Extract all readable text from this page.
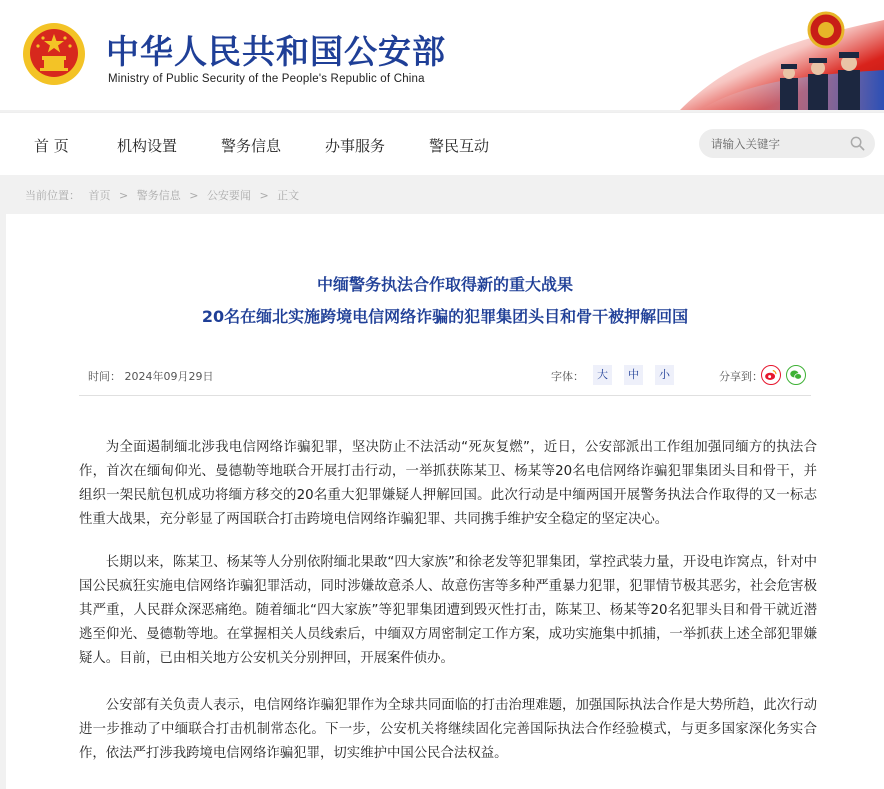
中华人民共和国公安部
Ministry of Public Security of the People's Republic of China
首 页	机构设置	警务信息	办事服务	警民互动	请输入关键字
当前位置： 首页 > 警务信息 > 公安要闻 > 正文
中缅警务执法合作取得新的重大战果
20名在缅北实施跨境电信网络诈骗的犯罪集团头目和骨干被押解回国
时间： 2024年09月29日	字体：	大	中	小	分享到：

为全面遏制缅北涉我电信网络诈骗犯罪，坚决防止不法活动“死灰复燃”，近日，公安部派出工作组加强同缅方的执法合作，首次在缅甸仰光、曼德勒等地联合开展打击行动，一举抓获陈某卫、杨某等20名电信网络诈骗犯罪集团头目和骨干，并组织一架民航包机成功将缅方移交的20名重大犯罪嫌疑人押解回国。此次行动是中缅两国开展警务执法合作取得的又一标志性重大战果，充分彰显了两国联合打击跨境电信网络诈骗犯罪、共同携手维护安全稳定的坚定决心。

长期以来，陈某卫、杨某等人分别依附缅北果敢“四大家族”和徐老发等犯罪集团，掌控武装力量，开设电诈窝点，针对中国公民疯狂实施电信网络诈骗犯罪活动，同时涉嫌故意杀人、故意伤害等多种严重暴力犯罪，犯罪情节极其恶劣，社会危害极其严重，人民群众深恶痛绝。随着缅北“四大家族”等犯罪集团遭到毁灭性打击，陈某卫、杨某等20名犯罪头目和骨干就近潜逃至仰光、曼德勒等地。在掌握相关人员线索后，中缅双方周密制定工作方案，成功实施集中抓捕，一举抓获上述全部犯罪嫌疑人。目前，已由相关地方公安机关分别押回，开展案件侦办。

公安部有关负责人表示，电信网络诈骗犯罪作为全球共同面临的打击治理难题，加强国际执法合作是大势所趋，此次行动进一步推动了中缅联合打击机制常态化。下一步，公安机关将继续固化完善国际执法合作经验模式，与更多国家深化务实合作，依法严打涉我跨境电信网络诈骗犯罪，切实维护中国公民合法权益。
